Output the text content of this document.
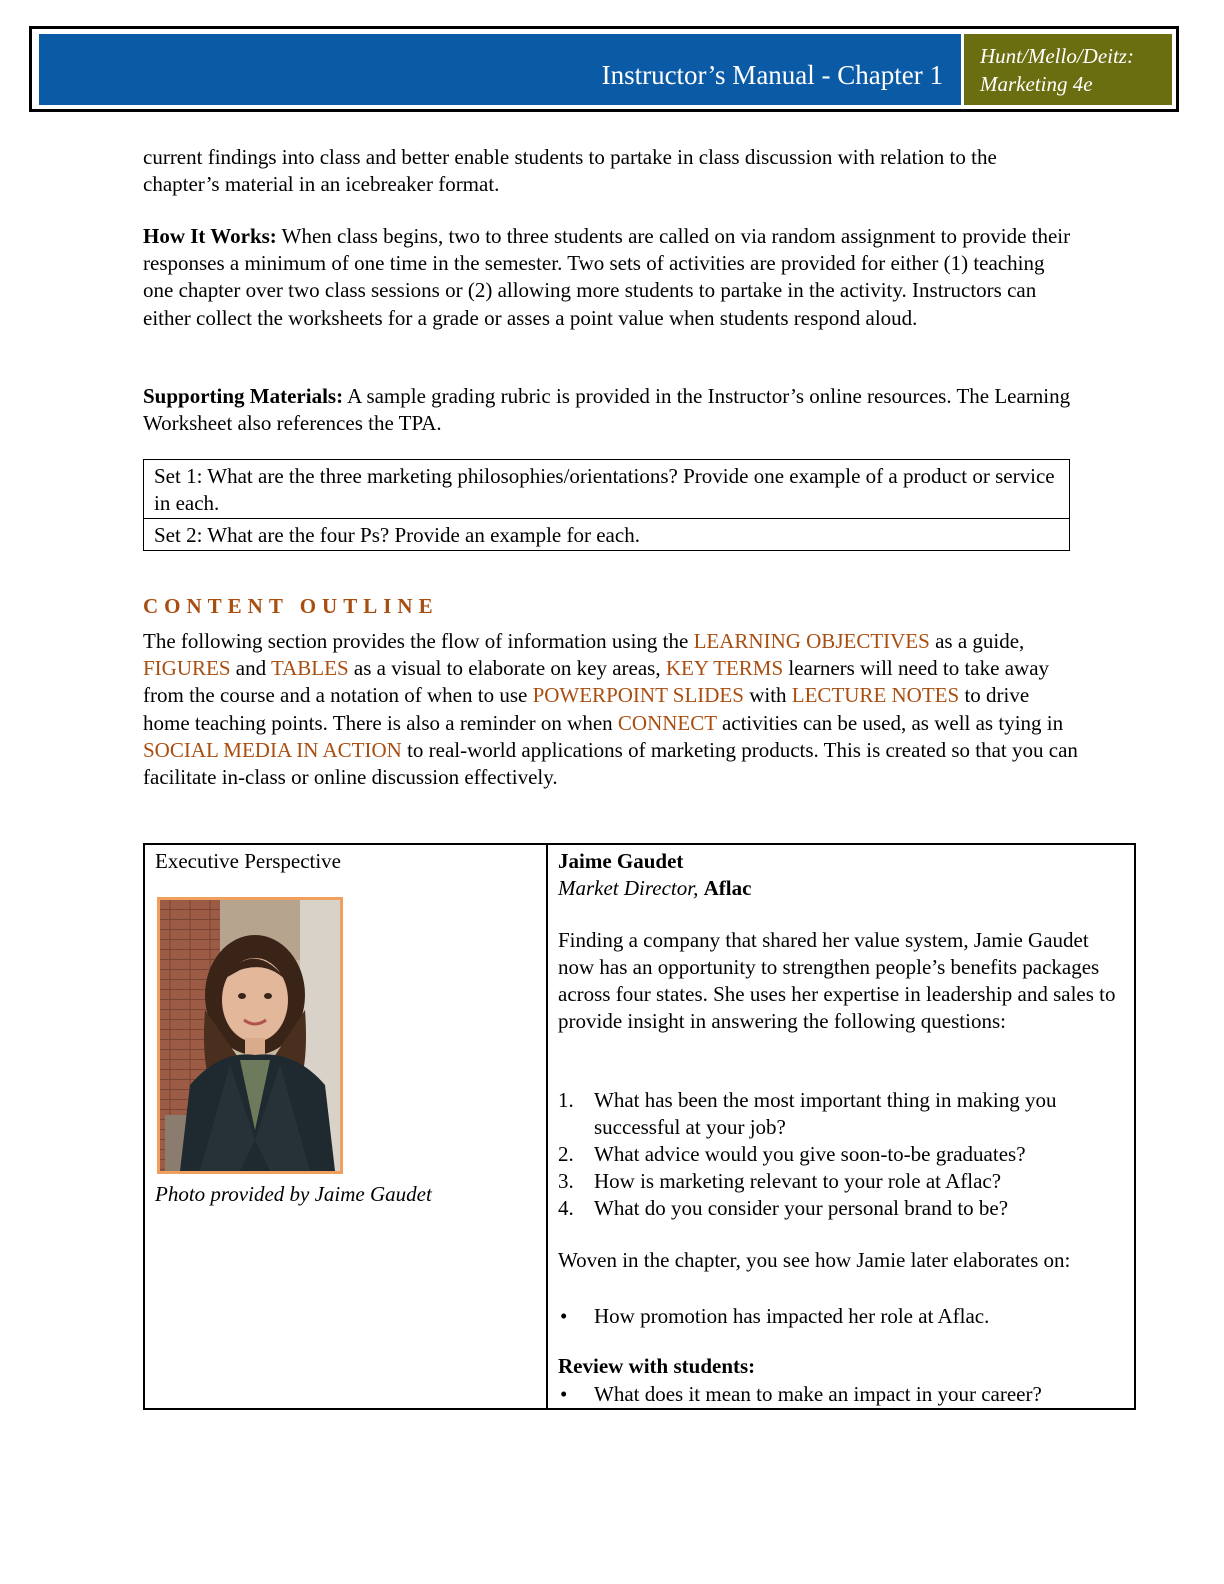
Instructor’s Manual - Chapter 1
Hunt/Mello/Deitz:
Marketing 4e
current findings into class and better enable students to partake in class discussion with relation to the chapter’s material in an icebreaker format.
How It Works: When class begins, two to three students are called on via random assignment to provide their responses a minimum of one time in the semester. Two sets of activities are provided for either (1) teaching one chapter over two class sessions or (2) allowing more students to partake in the activity. Instructors can either collect the worksheets for a grade or asses a point value when students respond aloud.
Supporting Materials: A sample grading rubric is provided in the Instructor’s online resources. The Learning Worksheet also references the TPA.
Set 1: What are the three marketing philosophies/orientations? Provide one example of a product or service in each.
Set 2: What are the four Ps? Provide an example for each.
CONTENT OUTLINE
The following section provides the flow of information using the LEARNING OBJECTIVES as a guide, FIGURES and TABLES as a visual to elaborate on key areas, KEY TERMS learners will need to take away from the course and a notation of when to use POWERPOINT SLIDES with LECTURE NOTES to drive home teaching points. There is also a reminder on when CONNECT activities can be used, as well as tying in SOCIAL MEDIA IN ACTION to real-world applications of marketing products. This is created so that you can facilitate in-class or online discussion effectively.
Executive Perspective
Photo provided by Jaime Gaudet
Jaime Gaudet
Market Director, Aflac
Finding a company that shared her value system, Jamie Gaudet now has an opportunity to strengthen people’s benefits packages across four states. She uses her expertise in leadership and sales to provide insight in answering the following questions:
1. What has been the most important thing in making you successful at your job?
2. What advice would you give soon-to-be graduates?
3. How is marketing relevant to your role at Aflac?
4. What do you consider your personal brand to be?
Woven in the chapter, you see how Jamie later elaborates on:
• How promotion has impacted her role at Aflac.
Review with students:
• What does it mean to make an impact in your career?
